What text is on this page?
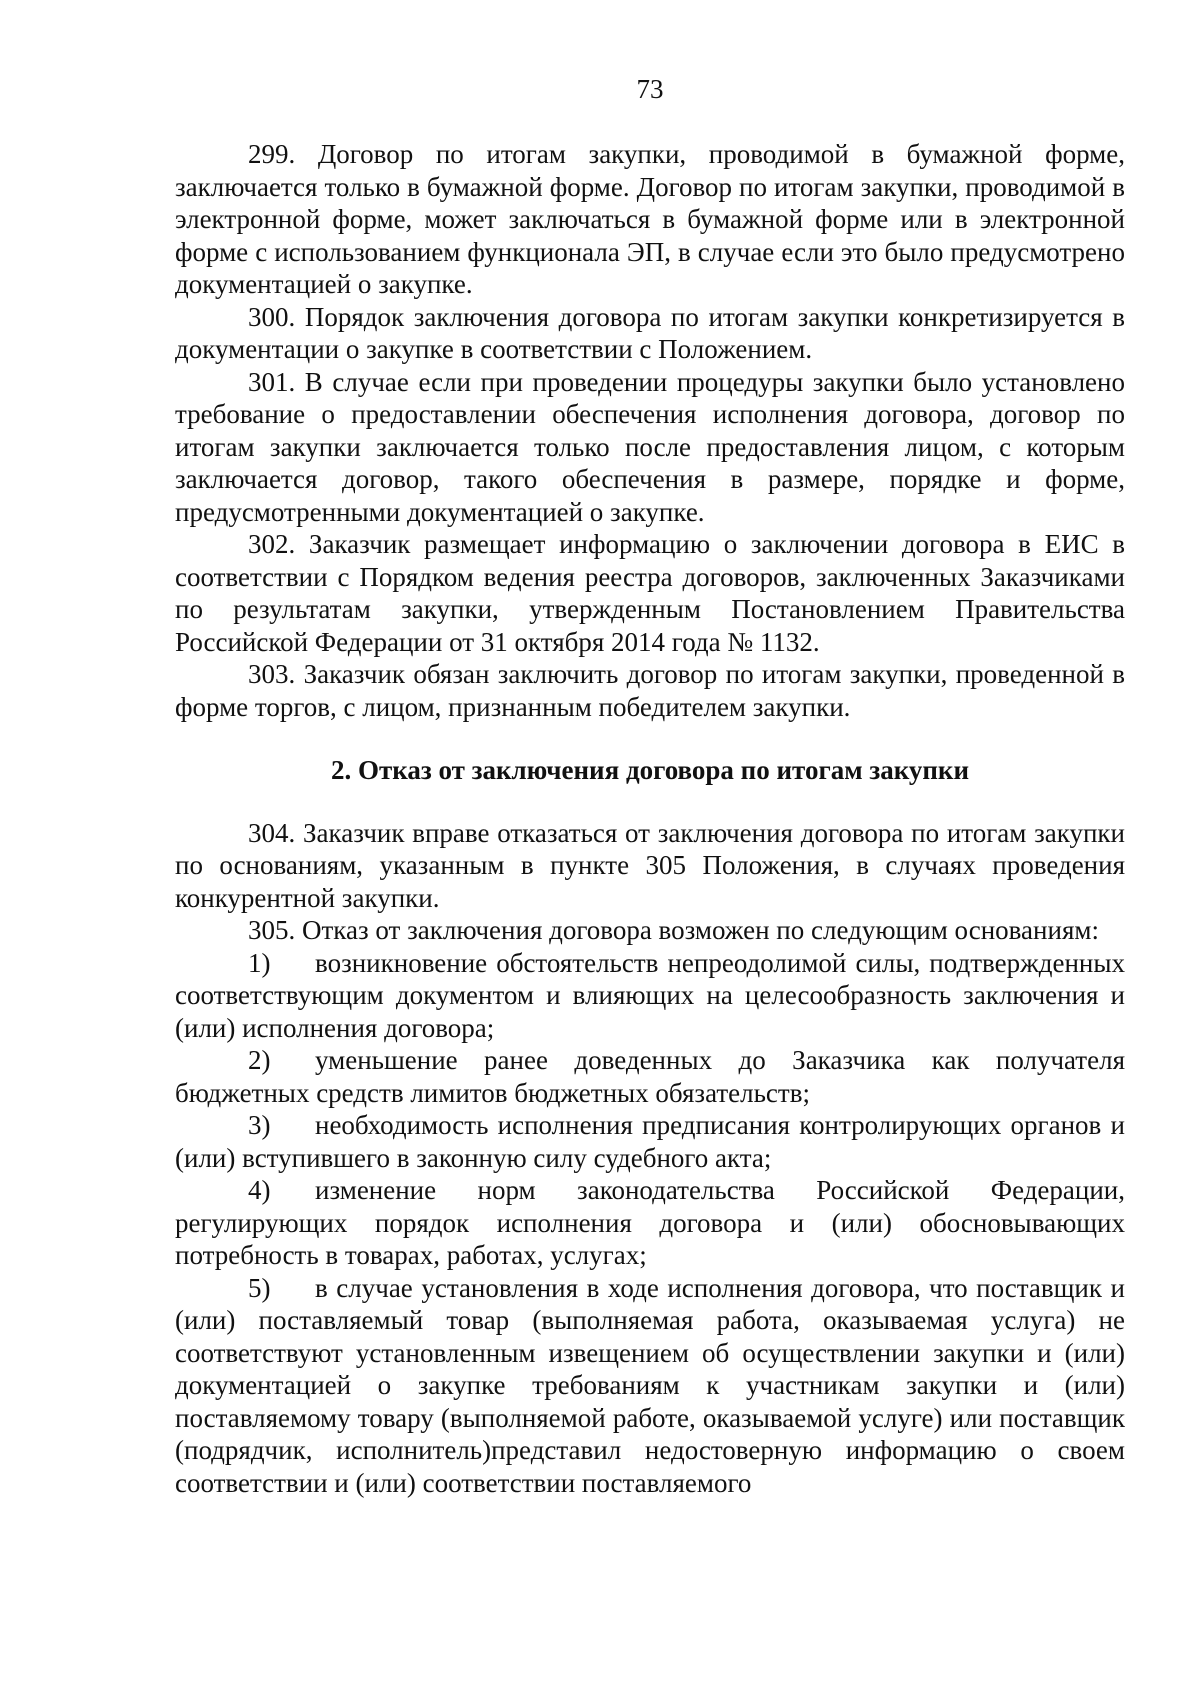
73

299. Договор по итогам закупки, проводимой в бумажной форме, заключается только в бумажной форме. Договор по итогам закупки, проводимой в электронной форме, может заключаться в бумажной форме или в электронной форме с использованием функционала ЭП, в случае если это было предусмотрено документацией о закупке.

300. Порядок заключения договора по итогам закупки конкретизируется в документации о закупке в соответствии с Положением.

301. В случае если при проведении процедуры закупки было установлено требование о предоставлении обеспечения исполнения договора, договор по итогам закупки заключается только после предоставления лицом, с которым заключается договор, такого обеспечения в размере, порядке и форме, предусмотренными документацией о закупке.

302. Заказчик размещает информацию о заключении договора в ЕИС в соответствии с Порядком ведения реестра договоров, заключенных Заказчиками по результатам закупки, утвержденным Постановлением Правительства Российской Федерации от 31 октября 2014 года № 1132.

303. Заказчик обязан заключить договор по итогам закупки, проведенной в форме торгов, с лицом, признанным победителем закупки.

2. Отказ от заключения договора по итогам закупки

304. Заказчик вправе отказаться от заключения договора по итогам закупки по основаниям, указанным в пункте 305 Положения, в случаях проведения конкурентной закупки.

305. Отказ от заключения договора возможен по следующим основаниям:

1) возникновение обстоятельств непреодолимой силы, подтвержденных соответствующим документом и влияющих на целесообразность заключения и (или) исполнения договора;

2) уменьшение ранее доведенных до Заказчика как получателя бюджетных средств лимитов бюджетных обязательств;

3) необходимость исполнения предписания контролирующих органов и (или) вступившего в законную силу судебного акта;

4) изменение норм законодательства Российской Федерации, регулирующих порядок исполнения договора и (или) обосновывающих потребность в товарах, работах, услугах;

5) в случае установления в ходе исполнения договора, что поставщик и (или) поставляемый товар (выполняемая работа, оказываемая услуга) не соответствуют установленным извещением об осуществлении закупки и (или) документацией о закупке требованиям к участникам закупки и (или) поставляемому товару (выполняемой работе, оказываемой услуге) или поставщик (подрядчик, исполнитель)представил недостоверную информацию о своем соответствии и (или) соответствии поставляемого
